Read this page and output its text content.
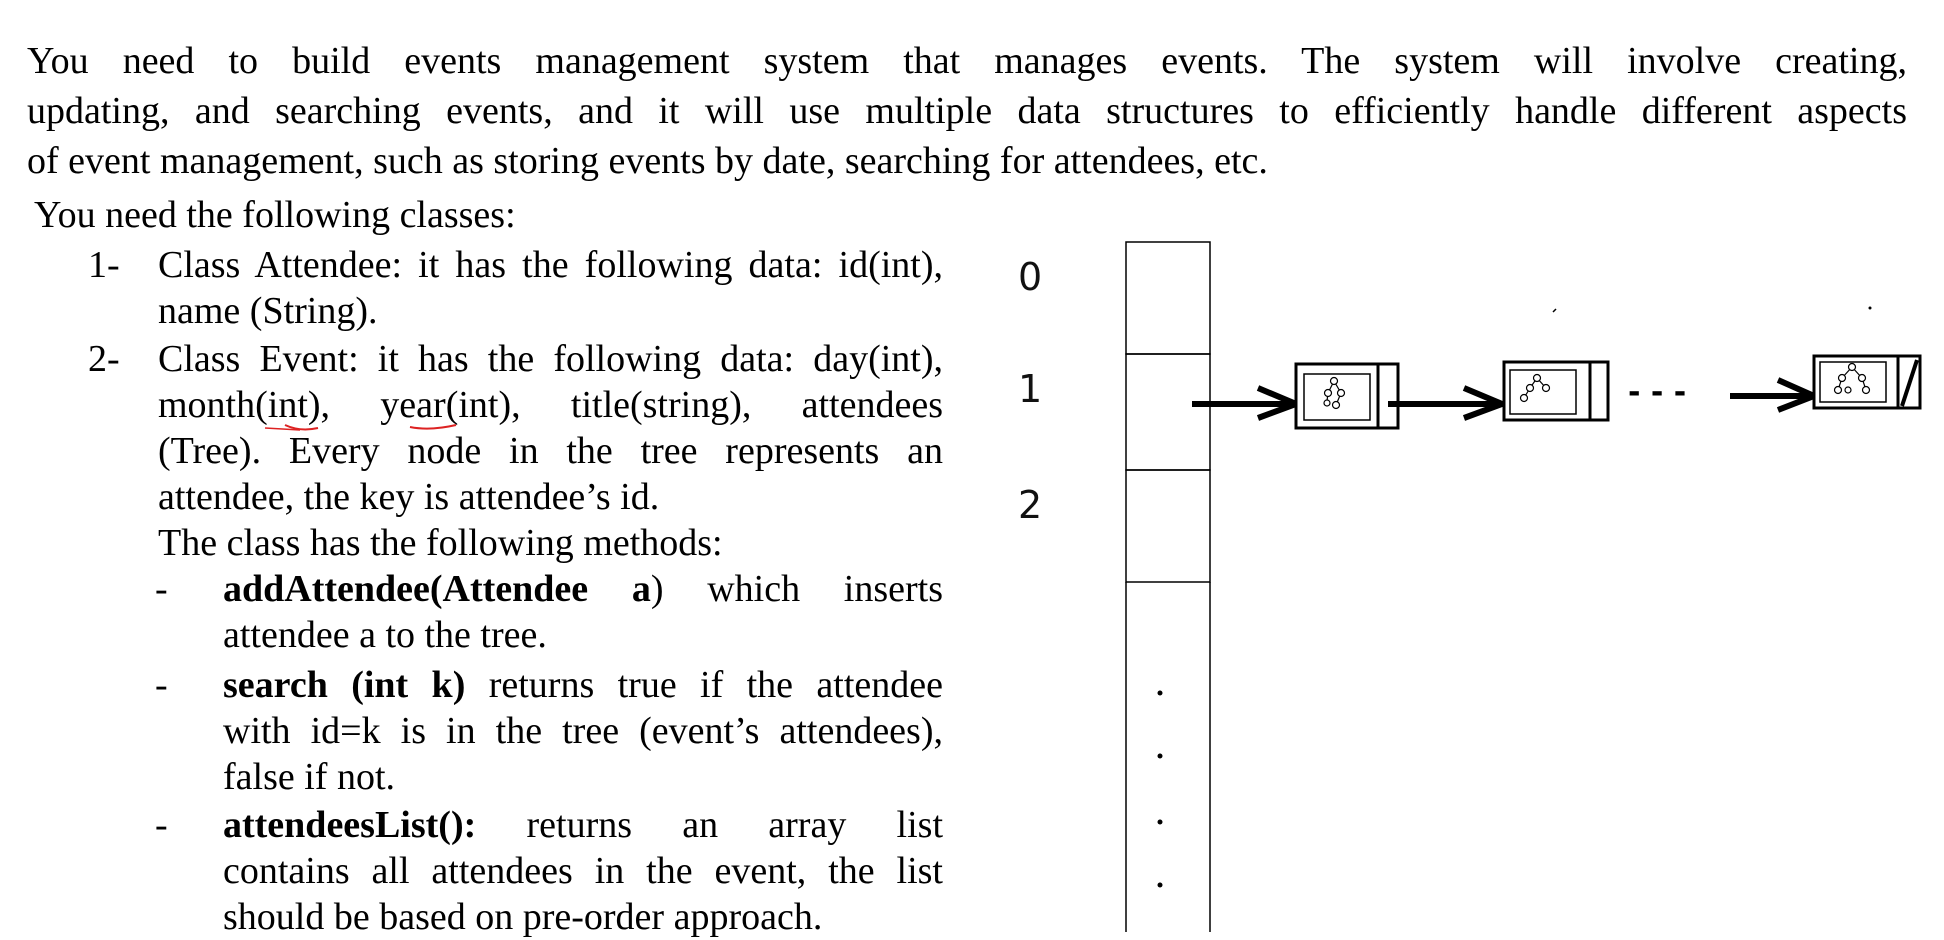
You need to build events management system that manages events. The system will involve creating,
updating, and searching events, and it will use multiple data structures to efficiently handle different aspects
of event management, such as storing events by date, searching for attendees, etc.
You need the following classes:
1- Class Attendee: it has the following data: id(int),
name (String).
2- Class Event: it has the following data: day(int),
month(int), year(int), title(string), attendees
(Tree). Every node in the tree represents an
attendee, the key is attendee’s id.
The class has the following methods:
- addAttendee(Attendee a) which inserts
attendee a to the tree.
- search (int k) returns true if the attendee
with id=k is in the tree (event’s attendees),
false if not.
- attendeesList(): returns an array list
contains all attendees in the event, the list
should be based on pre-order approach.
0
1
2
- - -
